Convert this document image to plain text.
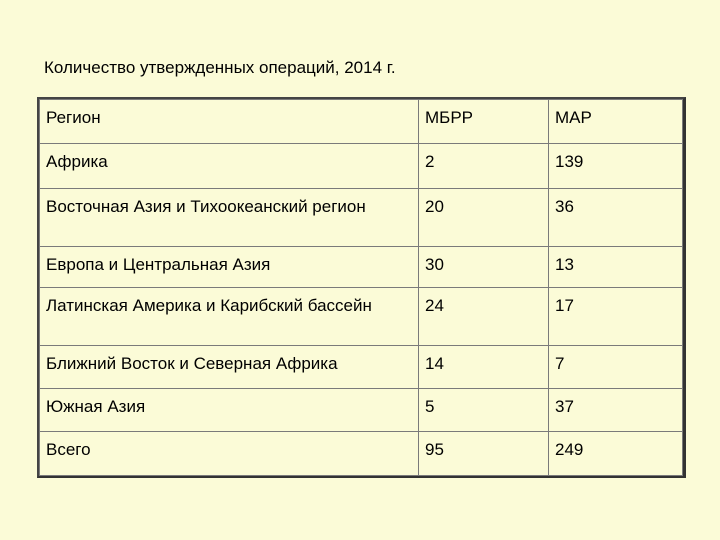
Количество утвержденных операций, 2014 г.
Регион	МБРР	МАР
Африка	2	139
Восточная Азия и Тихоокеанский регион	20	36
Европа и Центральная Азия	30	13
Латинская Америка и Карибский бассейн	24	17
Ближний Восток и Северная Африка	14	7
Южная Азия	5	37
Всего	95	249
